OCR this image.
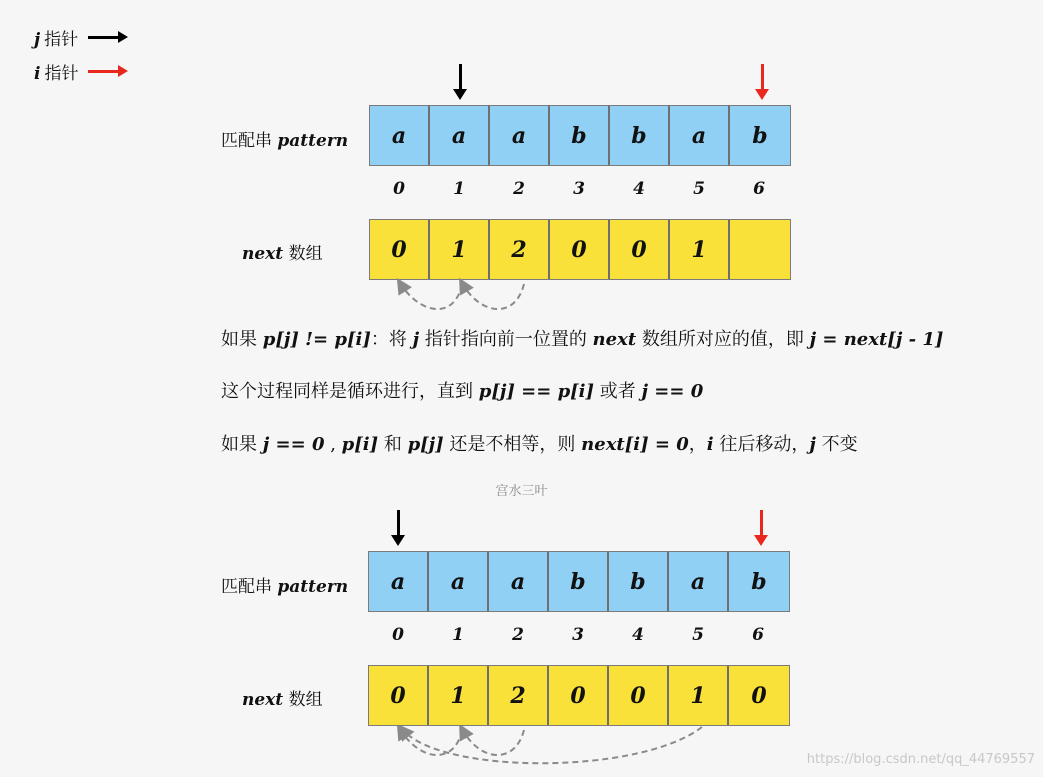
j 指针
i 指针
匹配串 pattern	a	a	a	b	b	a	b
0	1	2	3	4	5	6
next 数组	0	1	2	0	0	1
如果 p[j] != p[i]：将 j 指针指向前一位置的 next 数组所对应的值，即 j = next[j - 1]
这个过程同样是循环进行，直到 p[j] == p[i] 或者 j == 0
如果 j == 0 , p[i] 和 p[j] 还是不相等，则 next[i] = 0，i 往后移动，j 不变
宫水三叶
匹配串 pattern	a	a	a	b	b	a	b
0	1	2	3	4	5	6
next 数组	0	1	2	0	0	1	0
https://blog.csdn.net/qq_44769557
